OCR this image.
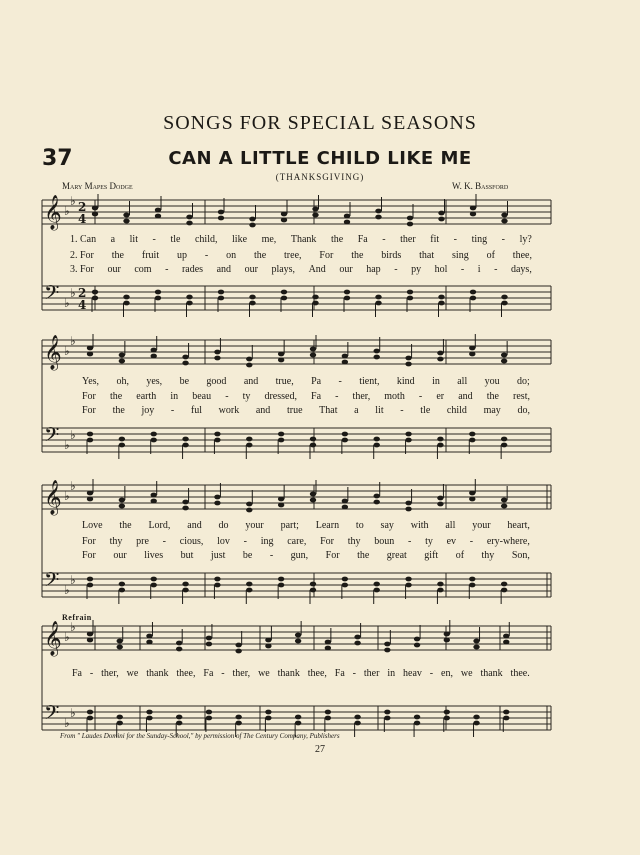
SONGS FOR SPECIAL SEASONS
37	CAN A LITTLE CHILD LIKE ME
(THANKSGIVING)
Mary Mapes Dodge	W. K. Bassford
Refrain
𝄞 ♭
♭
𝄢 ♭
♭
2
4
2
4
𝄞 ♭
♭
𝄢 ♭
♭
𝄞 ♭
♭
𝄢 ♭
♭
𝄞 ♭
♭
𝄢 ♭
♭
1. Can a lit - tle child, like me, Thank the Fa - ther fit - ting - ly?
2. For the fruit up - on the tree, For the birds that sing of thee,
3. For our com - rades and our plays, And our hap - py hol - i - days,
Yes, oh, yes, be good and true, Pa - tient, kind in all you do;
For the earth in beau - ty dressed, Fa - ther, moth - er and the rest,
For the joy - ful work and true That a lit - tle child may do,
Love the Lord, and do your part; Learn to say with all your heart,
For thy pre - cious, lov - ing care, For thy boun - ty ev - ery-where,
For our lives but just be - gun, For the great gift of thy Son,
Fa - ther, we thank thee, Fa - ther, we thank thee, Fa - ther in heav - en, we thank thee.
From " Laudes Domini for the Sunday-School," by permission of The Century Company, Publishers
27
